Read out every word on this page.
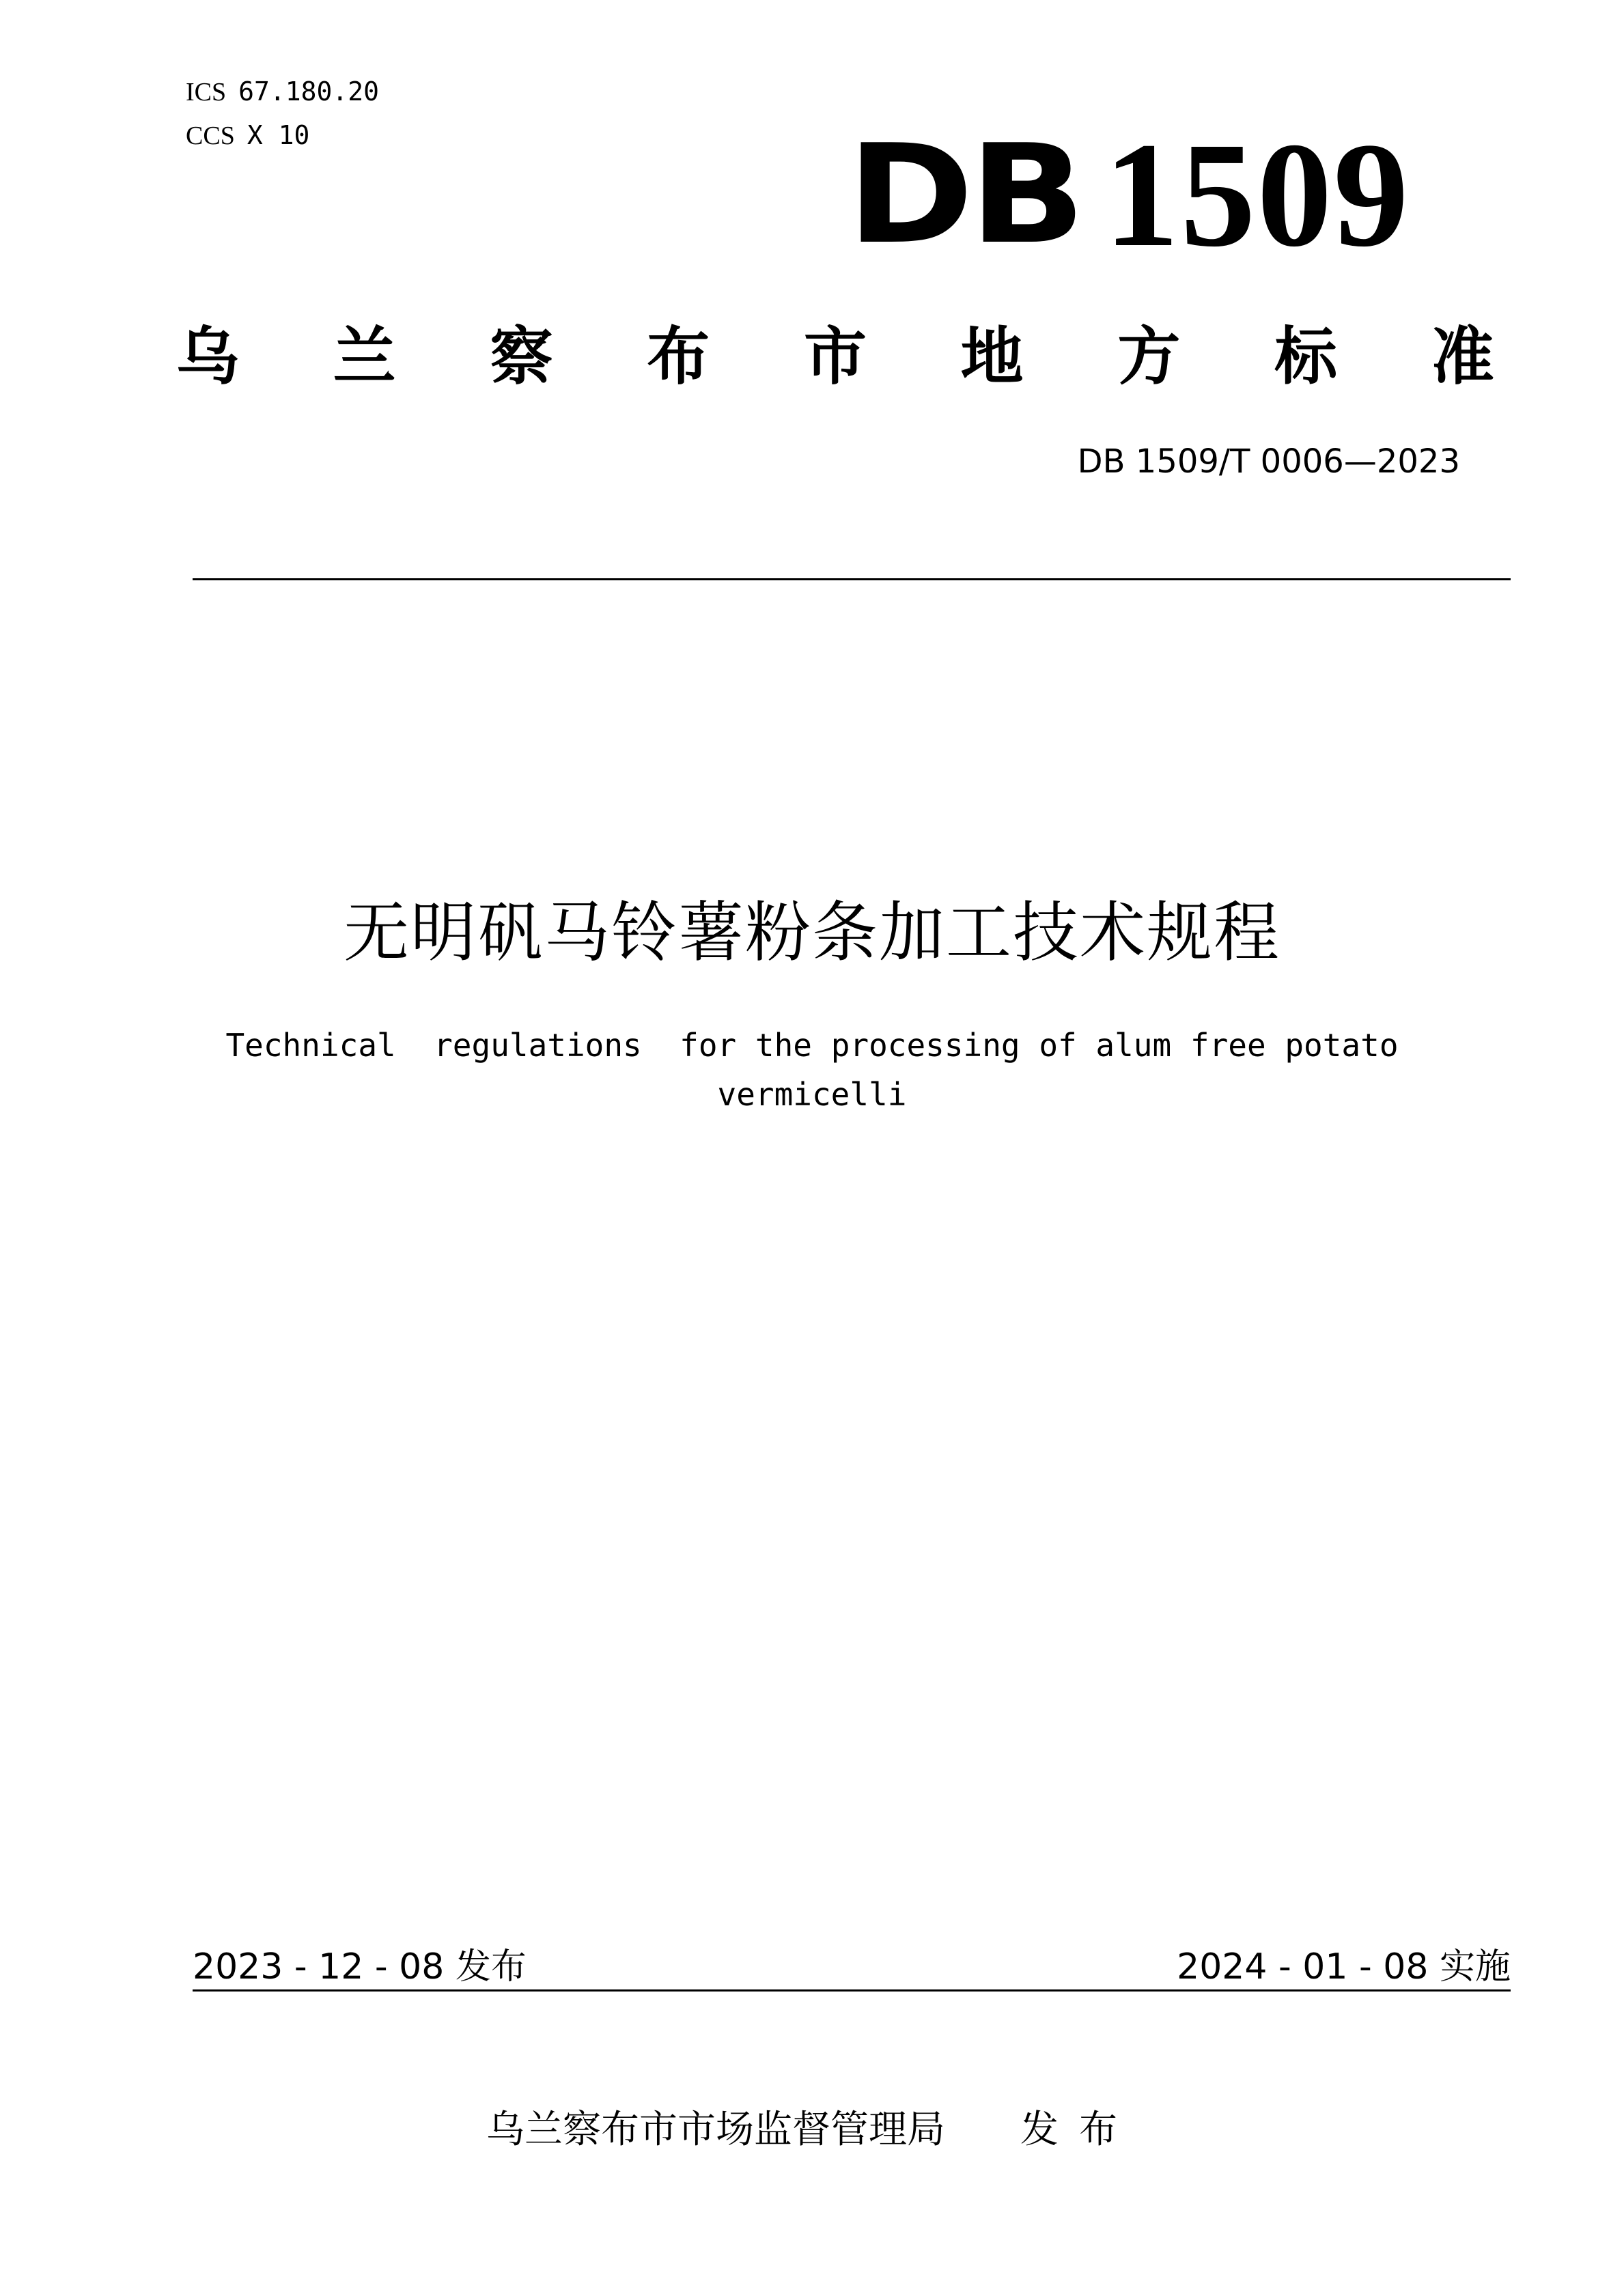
ICS 67.180.20
CCS X 10	DB 1509
乌 兰 察 布 市 地 方 标 准
DB 1509/T 0006—2023
无明矾马铃薯粉条加工技术规程
Technical  regulations  for the processing of alum free potato
vermicelli
2023 - 12 - 08 发布	2024 - 01 - 08 实施
乌兰察布市市场监督管理局 发布
